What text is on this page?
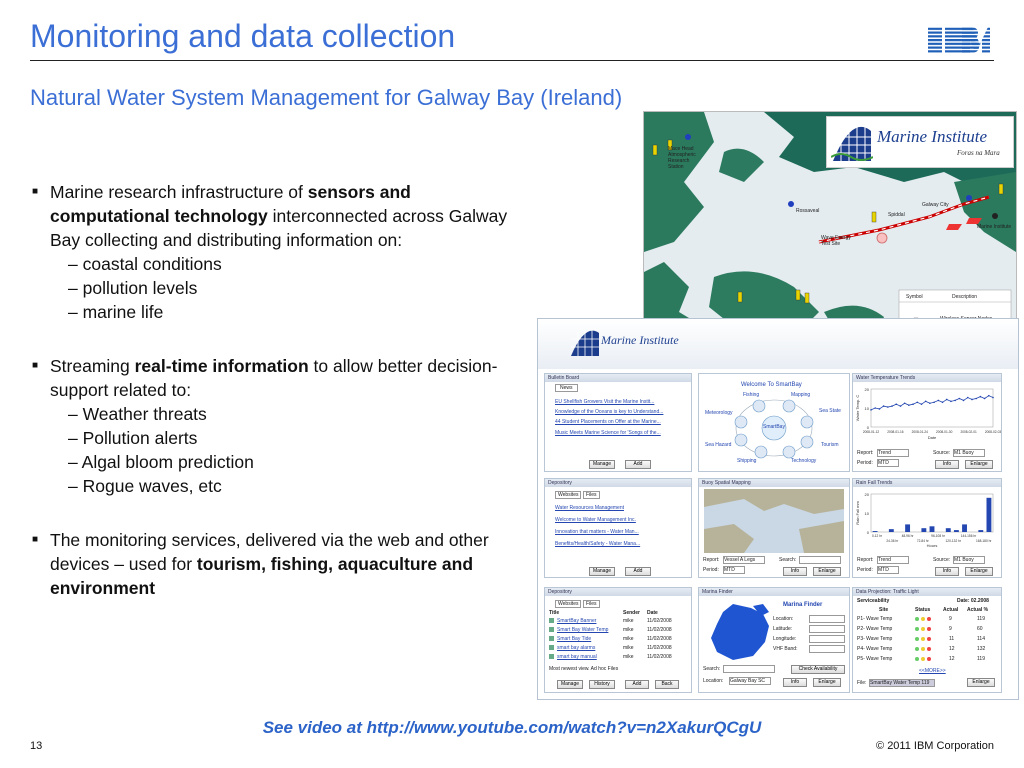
Monitoring and data collection
Natural Water System Management for Galway Bay (Ireland)
■ Marine research infrastructure of sensors and computational technology interconnected across Galway Bay collecting and distributing information on:
– coastal conditions
– pollution levels
– marine life
■ Streaming real-time information to allow better decision-support related to:
– Weather threats
– Pollution alerts
– Algal bloom prediction
– Rogue waves, etc
■ The monitoring services, delivered via the web and other devices – used for tourism, fishing, aquaculture and environment
Mace Head Atmospheric Research Station
Rossaveal
Galway City
Spiddal
Marine Institute
Wave Energy Test Site
Symbol	Description
Marine Institute
Foras na Mara
Marine Institute
Bulletin Board
News
EU Shellfish Growers Visit the Marine Instit...
Knowledge of the Oceans is key to Understand...
44 Student Placements on Offer at the Marine...
Music Meets Marine Science for 'Songs of the...
Manage	Add
Welcome To SmartBay
SmartBay
Fishing	Mapping
Meteorology	Sea State
Sea Hazard	Tourism
Shipping	Technology
Water Temperature Trends
20
10
0
2008-01-12	2008-01-16	2008-01-24	2008-01-30	2008-02-01	2008-02-03
Date
Water Temp. C
Report: Trend	Source: M1 Buoy
Period: MTD	Info	Enlarge
Depository
Websites	Files
Water Resources Management
Welcome to Water Management Inc.
Innovation that matters - Water Man...
Benefits/Health/Safety - Water Mana...
Manage	Add
Buoy Spatial Mapping
Report: Vessel A Legs	Search:
Period: MTD	Info	Enlarge
Rain Fall Trends
20
10
0
0-12 hr	48-96 hr	96-108 hr	144-156 hr
24-36 hr	72-84 hr	120-132 hr	168-180 hr
Hours
Rain Fall mm
Report: Trend	Source: M1 Buoy
Period: MTD	Info	Enlarge
Depository
Websites	Files
Title	Sender Date
SmartBay Banner	mike	11/02/2008
Smart Bay Water Temp	mike	11/02/2008
Smart Bay Tide	mike	11/02/2008
smart bay alarms	mike	11/02/2008
smart bay manual	mike	11/02/2008
Most newest view. Ad hoc Files
Manage	History	Add	Back
Marina Finder
Marina Finder
Location:
Latitude:
Longitude:
VHF Band:
Search:	Check Availability
Location: Galway Bay SC	Info	Enlarge
Data Projection: Traffic Light
Serviceability	Date: 02.2008
Site	Status	Actual Actual %
P1- Wave Temp	9	119
P2- Wave Temp	9	60
P3- Wave Temp	11	114
P4- Wave Temp	12	132
P5- Wave Temp	12	119
<<MORE>>
File: SmartBay Water Temp 119	Enlarge
See video at http://www.youtube.com/watch?v=n2XakurQCgU
13	© 2011 IBM Corporation
